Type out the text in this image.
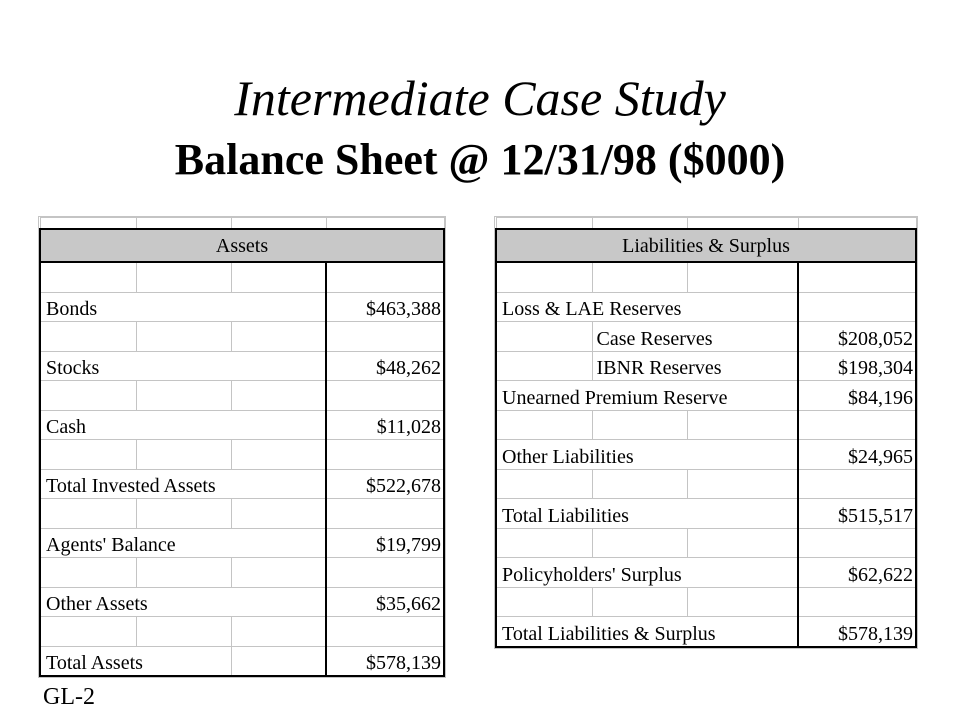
Intermediate Case Study
Balance Sheet @ 12/31/98 ($000)

Assets			

Bonds			$463,388

Stocks			$48,262

Cash			$11,028

Total Invested Assets			$522,678

Agents' Balance			$19,799

Other Assets			$35,662

Total Assets			$578,139

Liabilities & Surplus			

Loss & LAE Reserves			
	Case Reserves		$208,052
	IBNR Reserves		$198,304
Unearned Premium Reserve			$84,196

Other Liabilities			$24,965

Total Liabilities			$515,517

Policyholders' Surplus			$62,622

Total Liabilities & Surplus			$578,139
GL-2
